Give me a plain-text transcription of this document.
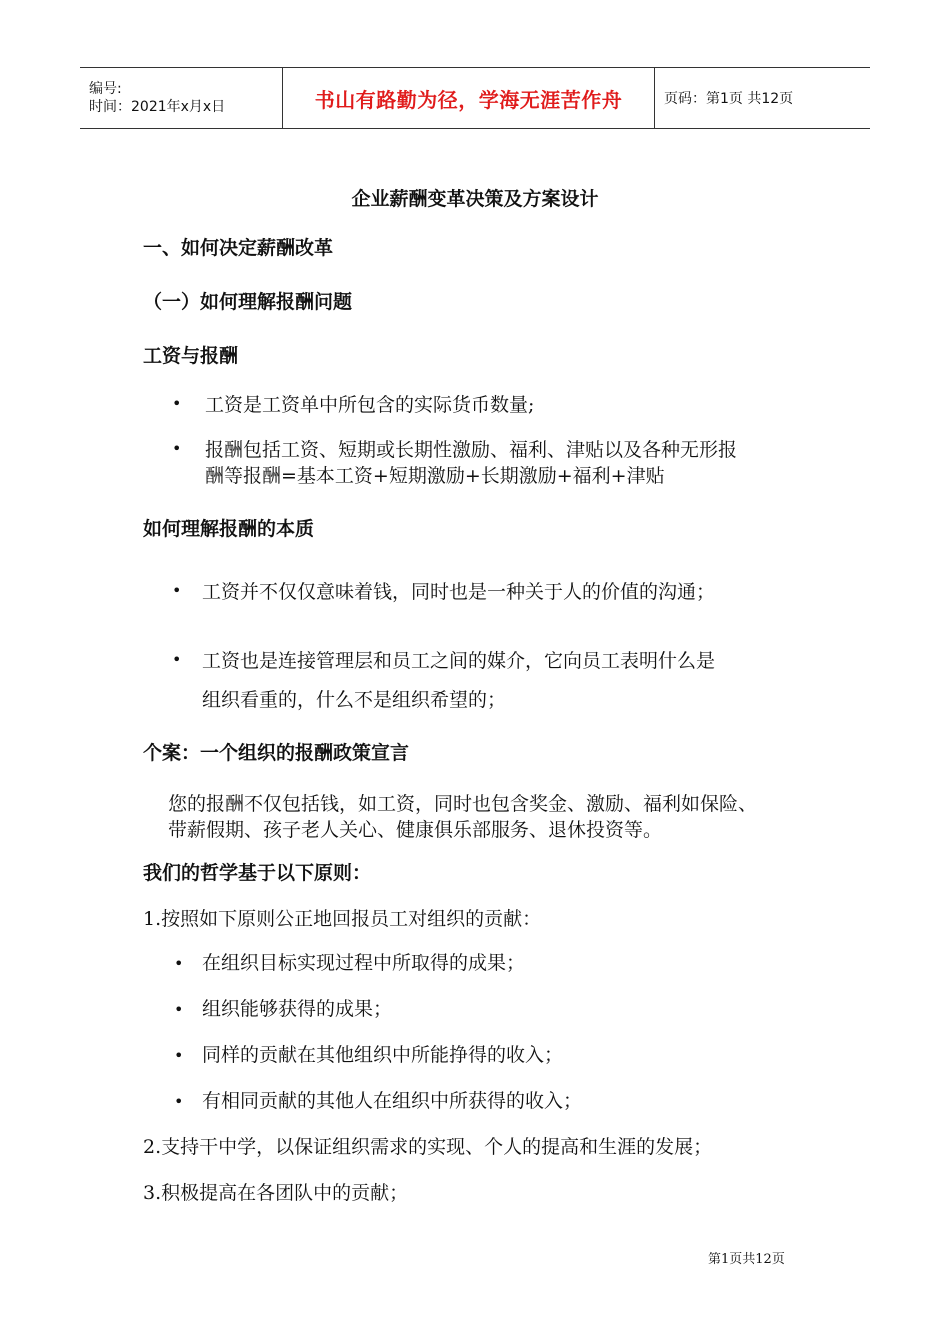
编号:
时间：2021年x月x日	书山有路勤为径，学海无涯苦作舟	页码：第1页 共12页
企业薪酬变革决策及方案设计
一、如何决定薪酬改革
（一）如何理解报酬问题
工资与报酬
• 工资是工资单中所包含的实际货币数量;
• 报酬包括工资、短期或长期性激励、福利、津贴以及各种无形报
酬等报酬=基本工资+短期激励+长期激励+福利+津贴
如何理解报酬的本质
• 工资并不仅仅意味着钱，同时也是一种关于人的价值的沟通；
• 工资也是连接管理层和员工之间的媒介，它向员工表明什么是
组织看重的，什么不是组织希望的；
个案：一个组织的报酬政策宣言
您的报酬不仅包括钱，如工资，同时也包含奖金、激励、福利如保险、
带薪假期、孩子老人关心、健康俱乐部服务、退休投资等。
我们的哲学基于以下原则：
1.按照如下原则公正地回报员工对组织的贡献：
• 在组织目标实现过程中所取得的成果；
• 组织能够获得的成果；
• 同样的贡献在其他组织中所能挣得的收入；
• 有相同贡献的其他人在组织中所获得的收入；
2.支持干中学，以保证组织需求的实现、个人的提高和生涯的发展；
3.积极提高在各团队中的贡献；
第1页共12页
